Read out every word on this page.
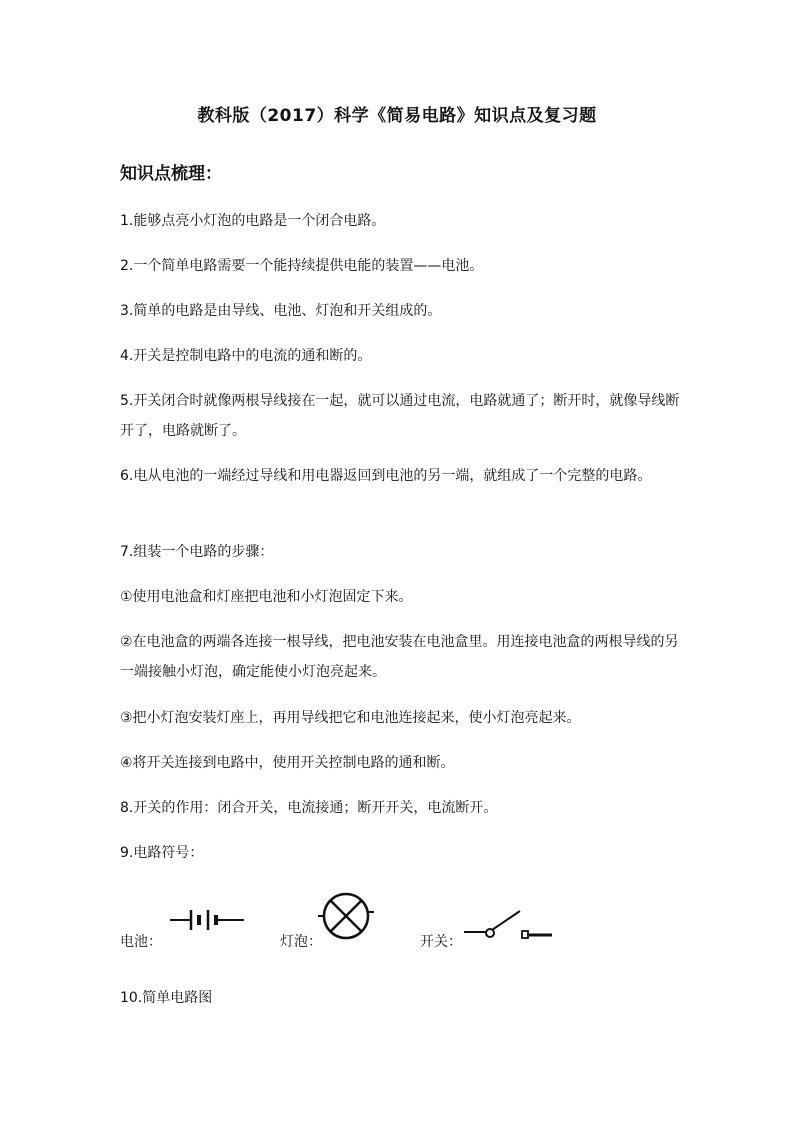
教科版（2017）科学《简易电路》知识点及复习题
知识点梳理：
1.能够点亮小灯泡的电路是一个闭合电路。
2.一个简单电路需要一个能持续提供电能的装置——电池。
3.简单的电路是由导线、电池、灯泡和开关组成的。
4.开关是控制电路中的电流的通和断的。
5.开关闭合时就像两根导线接在一起，就可以通过电流，电路就通了；断开时，就像导线断开了，电路就断了。
6.电从电池的一端经过导线和用电器返回到电池的另一端，就组成了一个完整的电路。
7.组装一个电路的步骤：
①使用电池盒和灯座把电池和小灯泡固定下来。
②在电池盒的两端各连接一根导线，把电池安装在电池盒里。用连接电池盒的两根导线的另一端接触小灯泡，确定能使小灯泡亮起来。
③把小灯泡安装灯座上，再用导线把它和电池连接起来，使小灯泡亮起来。
④将开关连接到电路中，使用开关控制电路的通和断。
8.开关的作用：闭合开关，电流接通；断开开关，电流断开。
9.电路符号：
电池：	灯泡：	开关：
10.简单电路图
